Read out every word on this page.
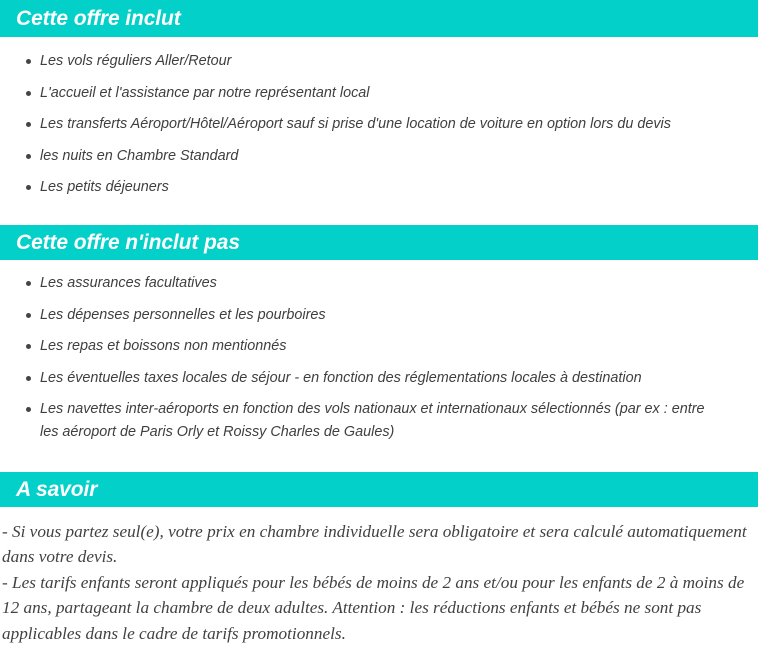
Cette offre inclut
Les vols réguliers Aller/Retour
L'accueil et l'assistance par notre représentant local
Les transferts Aéroport/Hôtel/Aéroport sauf si prise d'une location de voiture en option lors du devis
les nuits en Chambre Standard
Les petits déjeuners
Cette offre n'inclut pas
Les assurances facultatives
Les dépenses personnelles et les pourboires
Les repas et boissons non mentionnés
Les éventuelles taxes locales de séjour - en fonction des réglementations locales à destination
Les navettes inter-aéroports en fonction des vols nationaux et internationaux sélectionnés (par ex : entre les aéroport de Paris Orly et Roissy Charles de Gaules)
A savoir

- Si vous partez seul(e), votre prix en chambre individuelle sera obligatoire et sera calculé automatiquement dans votre devis.

- Les tarifs enfants seront appliqués pour les bébés de moins de 2 ans et/ou pour les enfants de 2 à moins de 12 ans, partageant la chambre de deux adultes. Attention : les réductions enfants et bébés ne sont pas applicables dans le cadre de tarifs promotionnels.
